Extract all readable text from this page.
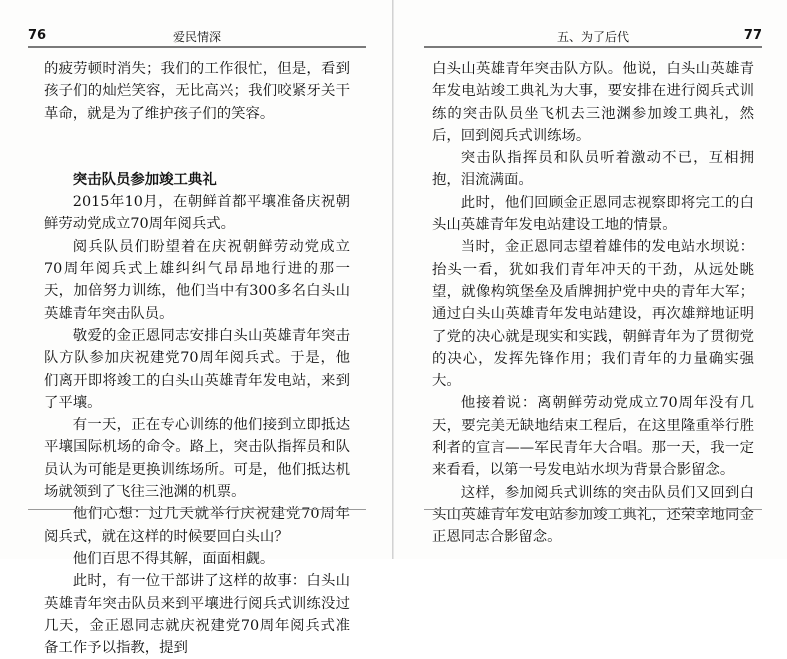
76	爱民情深

的疲劳顿时消失；我们的工作很忙，但是，看到孩子们的灿烂笑容，无比高兴；我们咬紧牙关干革命，就是为了维护孩子们的笑容。

突击队员参加竣工典礼

2015年10月，在朝鲜首都平壤准备庆祝朝鲜劳动党成立70周年阅兵式。

阅兵队员们盼望着在庆祝朝鲜劳动党成立70周年阅兵式上雄纠纠气昂昂地行进的那一天，加倍努力训练，他们当中有300多名白头山英雄青年突击队员。

敬爱的金正恩同志安排白头山英雄青年突击队方队参加庆祝建党70周年阅兵式。于是，他们离开即将竣工的白头山英雄青年发电站，来到了平壤。

有一天，正在专心训练的他们接到立即抵达平壤国际机场的命令。路上，突击队指挥员和队员认为可能是更换训练场所。可是，他们抵达机场就领到了飞往三池渊的机票。

他们心想：过几天就举行庆祝建党70周年阅兵式，就在这样的时候要回白头山？

他们百思不得其解，面面相觑。

此时，有一位干部讲了这样的故事：白头山英雄青年突击队员来到平壤进行阅兵式训练没过几天，金正恩同志就庆祝建党70周年阅兵式准备工作予以指教，提到

五、为了后代	77

白头山英雄青年突击队方队。他说，白头山英雄青年发电站竣工典礼为大事，要安排在进行阅兵式训练的突击队员坐飞机去三池渊参加竣工典礼，然后，回到阅兵式训练场。

突击队指挥员和队员听着激动不已，互相拥抱，泪流满面。

此时，他们回顾金正恩同志视察即将完工的白头山英雄青年发电站建设工地的情景。

当时，金正恩同志望着雄伟的发电站水坝说：抬头一看，犹如我们青年冲天的干劲，从远处眺望，就像构筑堡垒及盾牌拥护党中央的青年大军；通过白头山英雄青年发电站建设，再次雄辩地证明了党的决心就是现实和实践，朝鲜青年为了贯彻党的决心，发挥先锋作用；我们青年的力量确实强大。

他接着说：离朝鲜劳动党成立70周年没有几天，要完美无缺地结束工程后，在这里隆重举行胜利者的宣言——军民青年大合唱。那一天，我一定来看看，以第一号发电站水坝为背景合影留念。

这样，参加阅兵式训练的突击队员们又回到白头山英雄青年发电站参加竣工典礼，还荣幸地同金正恩同志合影留念。
